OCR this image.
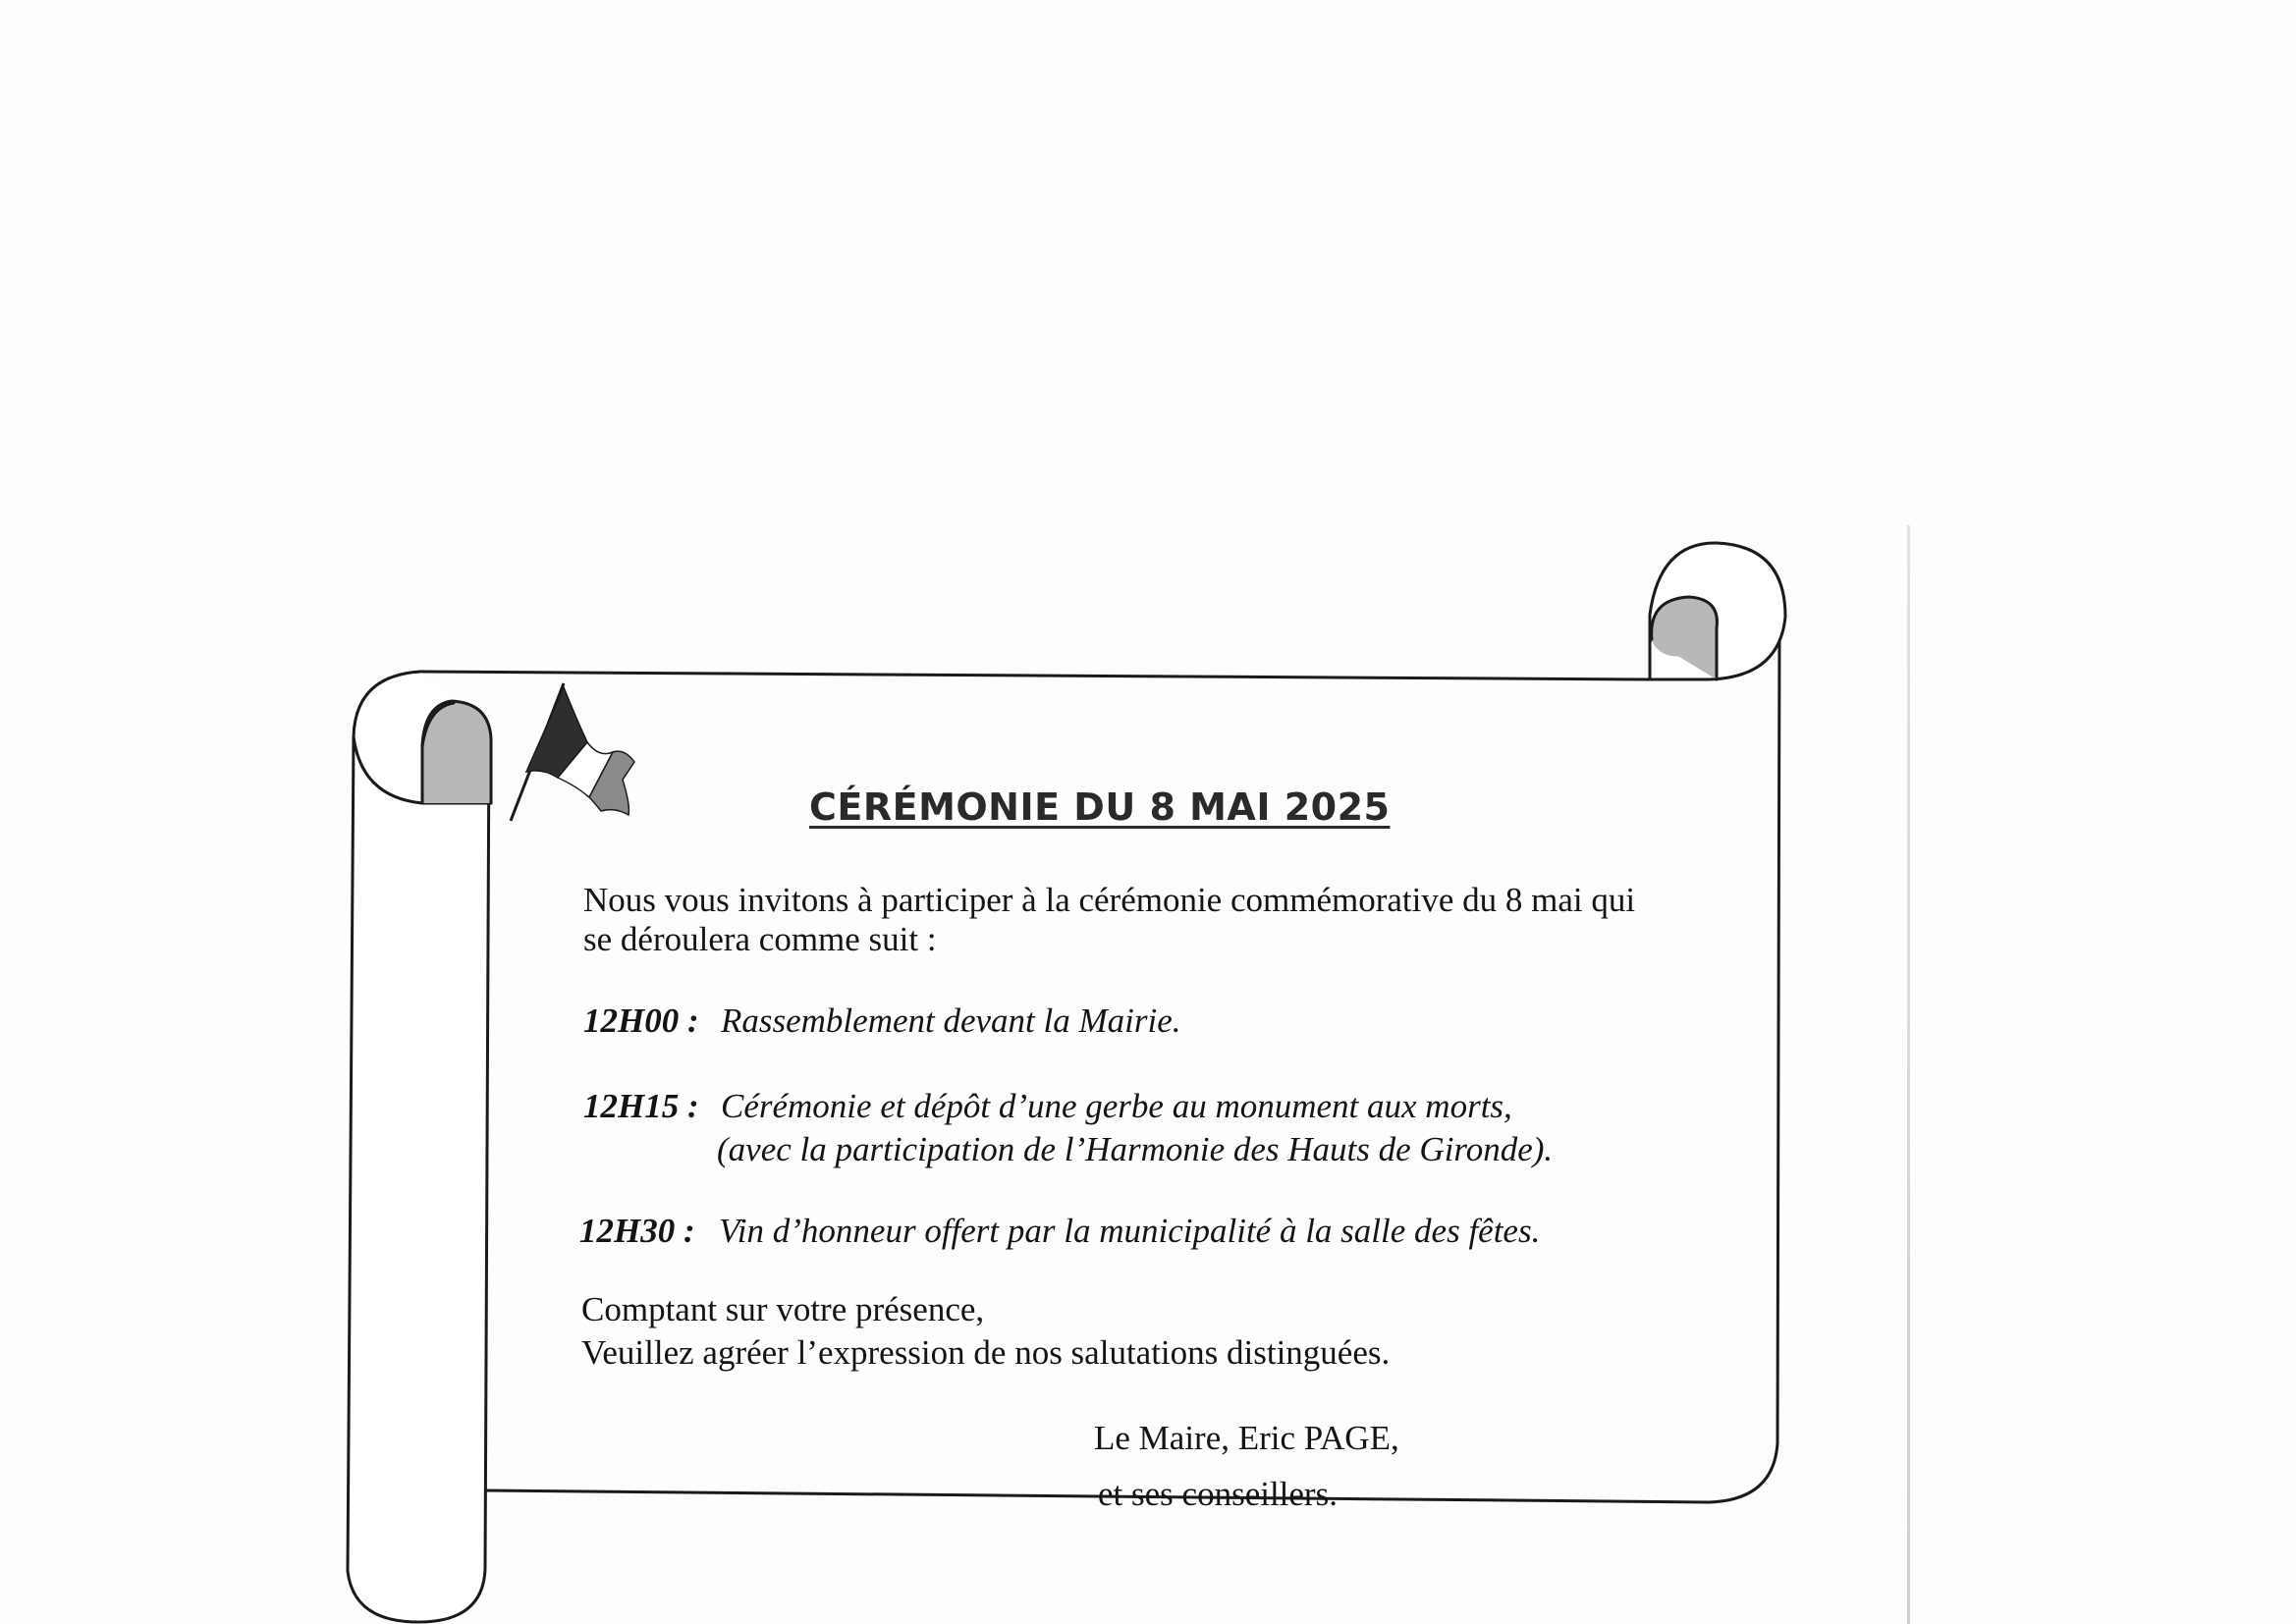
CÉRÉMONIE DU 8 MAI 2025
Nous vous invitons à participer à la cérémonie commémorative du 8 mai qui
se déroulera comme suit :
12H00 : Rassemblement devant la Mairie.
12H15 : Cérémonie et dépôt d’une gerbe au monument aux morts,
(avec la participation de l’Harmonie des Hauts de Gironde).
12H30 : Vin d’honneur offert par la municipalité à la salle des fêtes.
Comptant sur votre présence,
Veuillez agréer l’expression de nos salutations distinguées.
Le Maire, Eric PAGE,
et ses conseillers.
